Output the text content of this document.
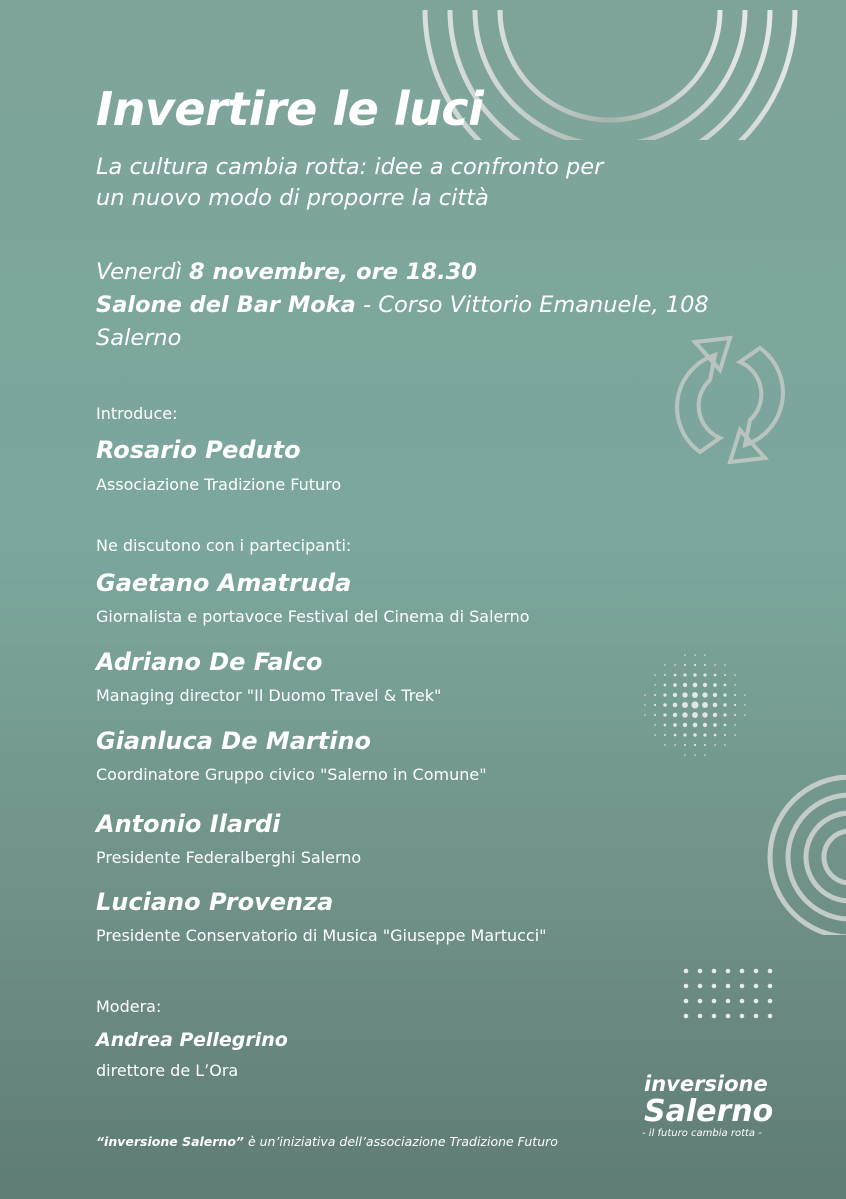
Invertire le luci
La cultura cambia rotta: idee a confronto per
un nuovo modo di proporre la città
Venerdì 8 novembre, ore 18.30
Salone del Bar Moka - Corso Vittorio Emanuele, 108
Salerno
Introduce:
Rosario Peduto
Associazione Tradizione Futuro
Ne discutono con i partecipanti:
Gaetano Amatruda
Giornalista e portavoce Festival del Cinema di Salerno
Adriano De Falco
Managing director "Il Duomo Travel & Trek"
Gianluca De Martino
Coordinatore Gruppo civico "Salerno in Comune"
Antonio Ilardi
Presidente Federalberghi Salerno
Luciano Provenza
Presidente Conservatorio di Musica "Giuseppe Martucci"
Modera:
Andrea Pellegrino
direttore de L’Ora
“inversione Salerno” è un’iniziativa dell’associazione Tradizione Futuro
inversione
Salerno
- il futuro cambia rotta -
